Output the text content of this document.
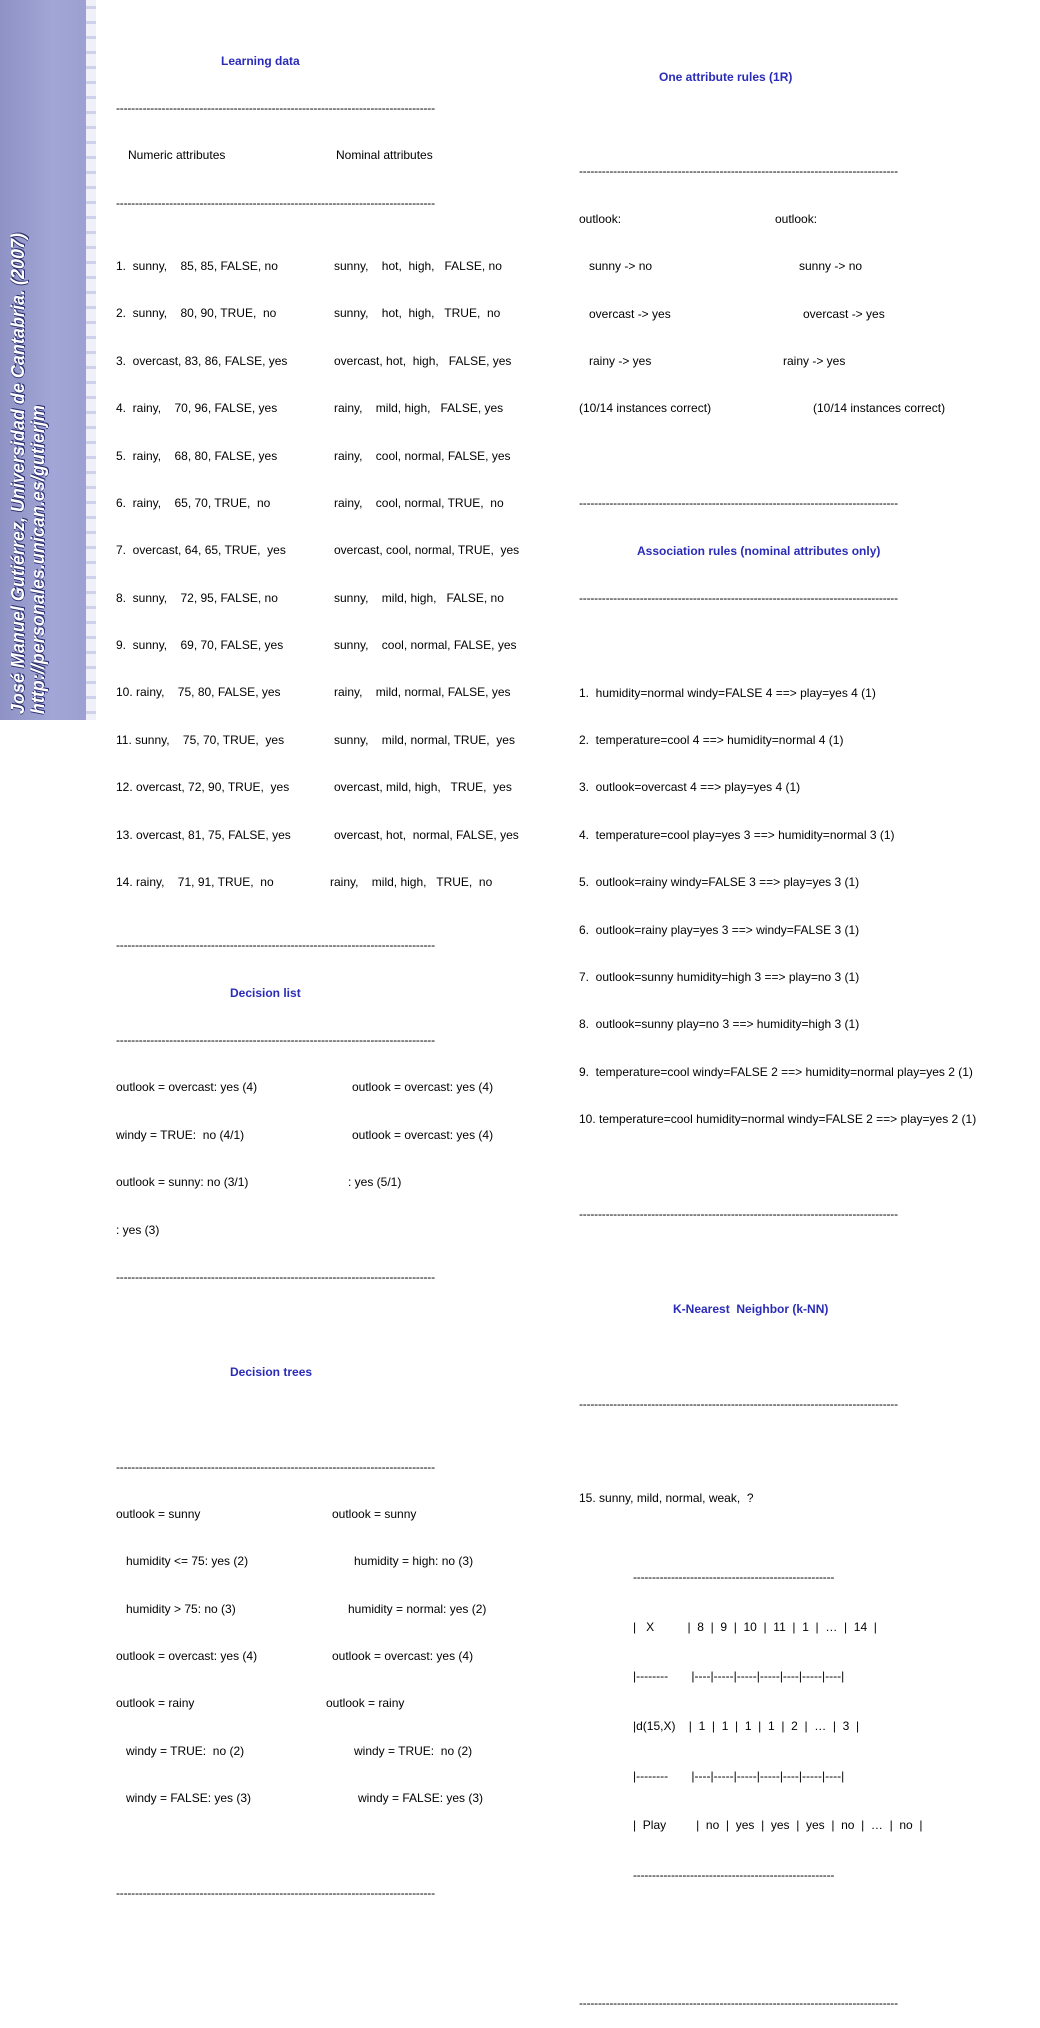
José Manuel Gutiérrez, Universidad de Cantabria. (2007) http://personales.unican.es/gutierjm

Learning data

------------------------------------------------------------------------------------

Numeric attributes

	Nominal attributes

------------------------------------------------------------------------------------

1.  sunny,    85, 85, FALSE, no	sunny,    hot,  high,   FALSE, no

2.  sunny,    80, 90, TRUE,  no	sunny,    hot,  high,   TRUE,  no

3.  overcast, 83, 86, FALSE, yes	overcast, hot,  high,   FALSE, yes

4.  rainy,    70, 96, FALSE, yes	rainy,    mild, high,   FALSE, yes

5.  rainy,    68, 80, FALSE, yes	rainy,    cool, normal, FALSE, yes

6.  rainy,    65, 70, TRUE,  no	rainy,    cool, normal, TRUE,  no

7.  overcast, 64, 65, TRUE,  yes	overcast, cool, normal, TRUE,  yes

8.  sunny,    72, 95, FALSE, no	sunny,    mild, high,   FALSE, no

9.  sunny,    69, 70, FALSE, yes	sunny,    cool, normal, FALSE, yes

10. rainy,    75, 80, FALSE, yes	rainy,    mild, normal, FALSE, yes

11. sunny,    75, 70, TRUE,  yes	sunny,    mild, normal, TRUE,  yes

12. overcast, 72, 90, TRUE,  yes	overcast, mild, high,   TRUE,  yes

13. overcast, 81, 75, FALSE, yes	overcast, hot,  normal, FALSE, yes

14. rainy,    71, 91, TRUE,  no	rainy,    mild, high,   TRUE,  no

------------------------------------------------------------------------------------

Decision list

------------------------------------------------------------------------------------

outlook = overcast: yes (4)	outlook = overcast: yes (4)

windy = TRUE:  no (4/1)	outlook = overcast: yes (4)

outlook = sunny: no (3/1)	: yes (5/1)

: yes (3)

------------------------------------------------------------------------------------

Decision trees

------------------------------------------------------------------------------------

outlook = sunny	outlook = sunny

humidity <= 75: yes (2)	humidity = high: no (3)

humidity > 75: no (3)	humidity = normal: yes (2)

outlook = overcast: yes (4)	outlook = overcast: yes (4)

outlook = rainy	outlook = rainy

windy = TRUE:  no (2)	windy = TRUE:  no (2)

windy = FALSE: yes (3)	windy = FALSE: yes (3)

------------------------------------------------------------------------------------

One attribute rules (1R)

------------------------------------------------------------------------------------

outlook:	outlook:

sunny -> no	sunny -> no

overcast -> yes	overcast -> yes

rainy -> yes	rainy -> yes

(10/14 instances correct)	(10/14 instances correct)

------------------------------------------------------------------------------------

Association rules (nominal attributes only)

------------------------------------------------------------------------------------

1.  humidity=normal windy=FALSE 4 ==> play=yes 4 (1)

2.  temperature=cool 4 ==> humidity=normal 4 (1)

3.  outlook=overcast 4 ==> play=yes 4 (1)

4.  temperature=cool play=yes 3 ==> humidity=normal 3 (1)

5.  outlook=rainy windy=FALSE 3 ==> play=yes 3 (1)

6.  outlook=rainy play=yes 3 ==> windy=FALSE 3 (1)

7.  outlook=sunny humidity=high 3 ==> play=no 3 (1)

8.  outlook=sunny play=no 3 ==> humidity=high 3 (1)

9.  temperature=cool windy=FALSE 2 ==> humidity=normal play=yes 2 (1)

10. temperature=cool humidity=normal windy=FALSE 2 ==> play=yes 2 (1)

------------------------------------------------------------------------------------

K-Nearest  Neighbor (k-NN)

------------------------------------------------------------------------------------

15. sunny, mild, normal, weak,  ?

-----------------------------------------------------

|   X          |  8  |  9  |  10  |  11  |  1  |  …  |  14  |

|--------       |----|-----|-----|-----|----|-----|----|

|d(15,X)    |  1  |  1  |  1  |  1  |  2  |  …  |  3  |

|--------       |----|-----|-----|-----|----|-----|----|

|  Play         |  no  |  yes  |  yes  |  yes  |  no  |  …  |  no  |

-----------------------------------------------------

------------------------------------------------------------------------------------
